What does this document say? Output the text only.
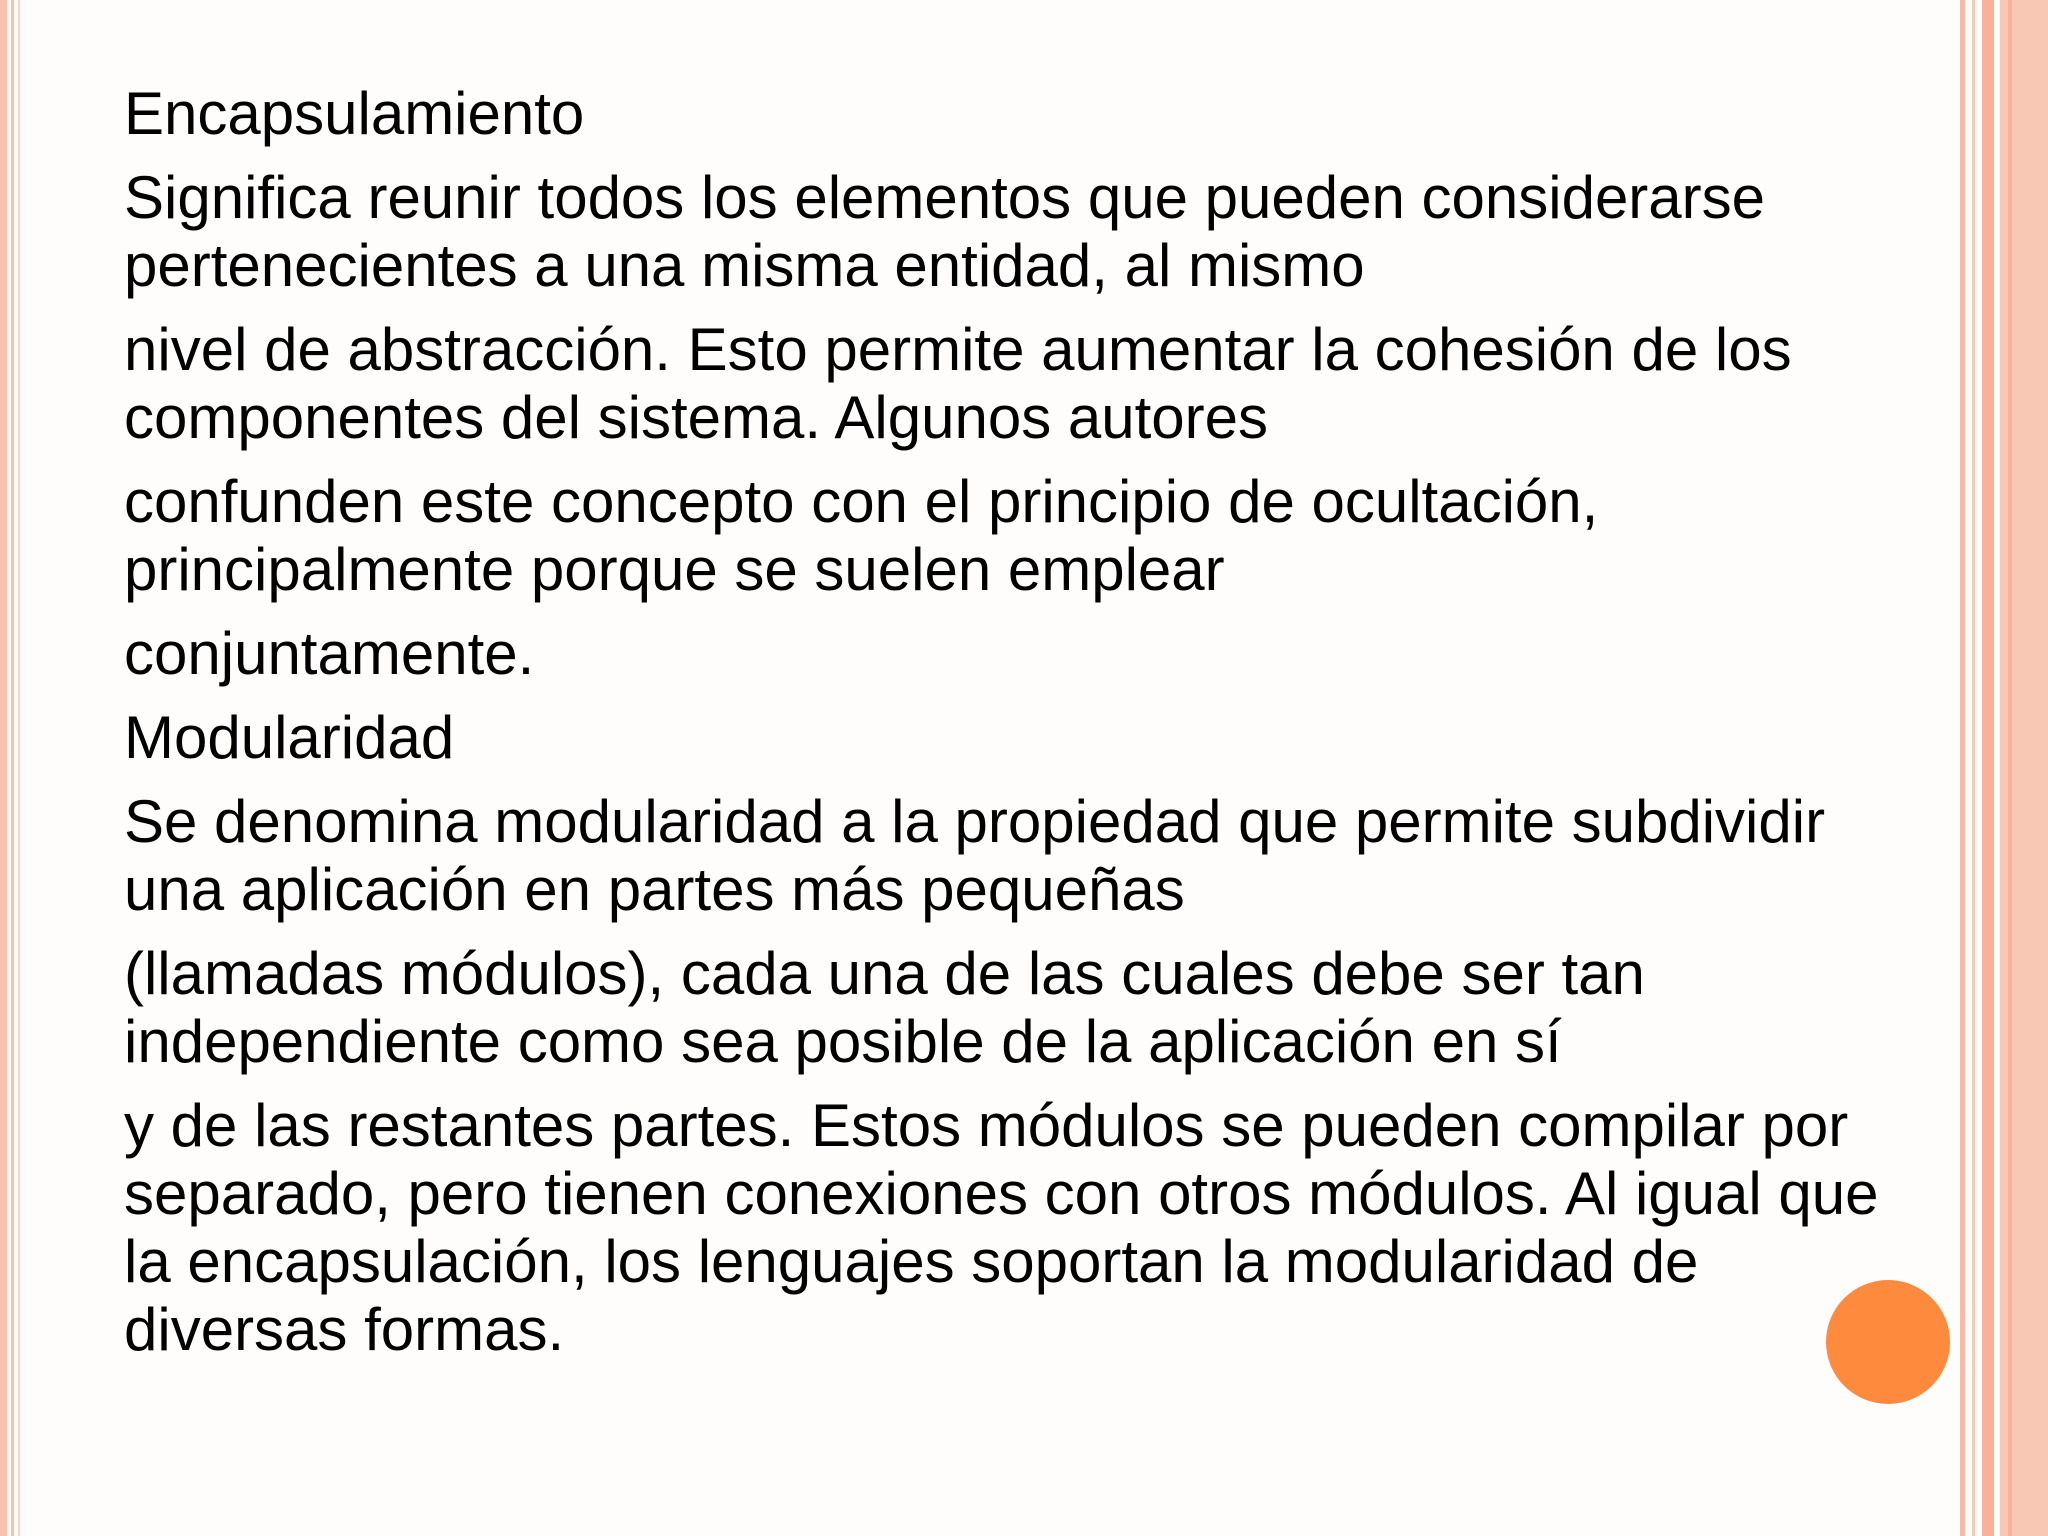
Encapsulamiento

Significa reunir todos los elementos que pueden considerarse pertenecientes a una misma entidad, al mismo

nivel de abstracción. Esto permite aumentar la cohesión de los componentes del sistema. Algunos autores

confunden este concepto con el principio de ocultación, principalmente porque se suelen emplear

conjuntamente.

Modularidad

Se denomina modularidad a la propiedad que permite subdividir una aplicación en partes más pequeñas

(llamadas módulos), cada una de las cuales debe ser tan independiente como sea posible de la aplicación en sí

y de las restantes partes. Estos módulos se pueden compilar por separado, pero tienen conexiones con otros módulos. Al igual que la encapsulación, los lenguajes soportan la modularidad de diversas formas.
